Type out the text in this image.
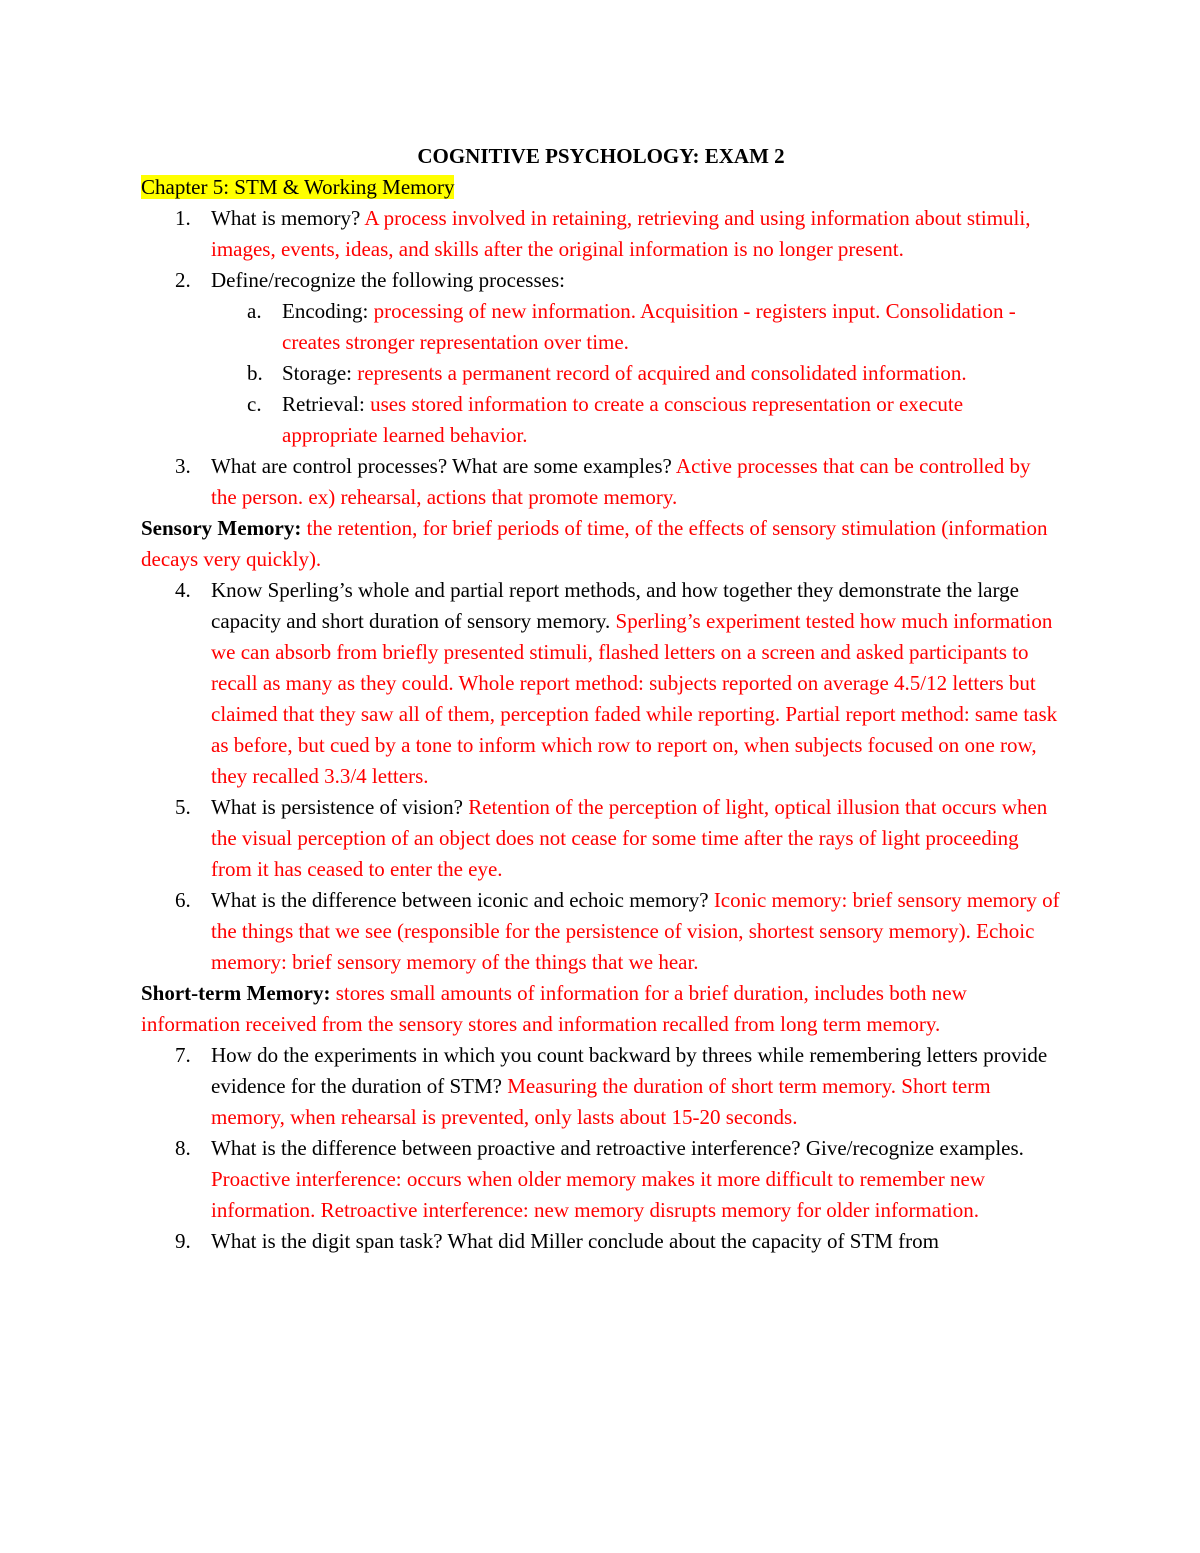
COGNITIVE PSYCHOLOGY: EXAM 2

Chapter 5: STM & Working Memory

1. What is memory? A process involved in retaining, retrieving and using information about stimuli, images, events, ideas, and skills after the original information is no longer present.

2. Define/recognize the following processes:

a. Encoding: processing of new information. Acquisition - registers input. Consolidation - creates stronger representation over time.

b. Storage: represents a permanent record of acquired and consolidated information.

c. Retrieval: uses stored information to create a conscious representation or execute appropriate learned behavior.

3. What are control processes? What are some examples? Active processes that can be controlled by the person. ex) rehearsal, actions that promote memory.

Sensory Memory: the retention, for brief periods of time, of the effects of sensory stimulation (information decays very quickly).

4. Know Sperling’s whole and partial report methods, and how together they demonstrate the large capacity and short duration of sensory memory. Sperling’s experiment tested how much information we can absorb from briefly presented stimuli, flashed letters on a screen and asked participants to recall as many as they could. Whole report method: subjects reported on average 4.5/12 letters but claimed that they saw all of them, perception faded while reporting. Partial report method: same task as before, but cued by a tone to inform which row to report on, when subjects focused on one row, they recalled 3.3/4 letters.

5. What is persistence of vision? Retention of the perception of light, optical illusion that occurs when the visual perception of an object does not cease for some time after the rays of light proceeding from it has ceased to enter the eye.

6. What is the difference between iconic and echoic memory? Iconic memory: brief sensory memory of the things that we see (responsible for the persistence of vision, shortest sensory memory). Echoic memory: brief sensory memory of the things that we hear.

Short-term Memory: stores small amounts of information for a brief duration, includes both new information received from the sensory stores and information recalled from long term memory.

7. How do the experiments in which you count backward by threes while remembering letters provide evidence for the duration of STM? Measuring the duration of short term memory. Short term memory, when rehearsal is prevented, only lasts about 15-20 seconds.

8. What is the difference between proactive and retroactive interference? Give/recognize examples. Proactive interference: occurs when older memory makes it more difficult to remember new information. Retroactive interference: new memory disrupts memory for older information.

9. What is the digit span task? What did Miller conclude about the capacity of STM from
